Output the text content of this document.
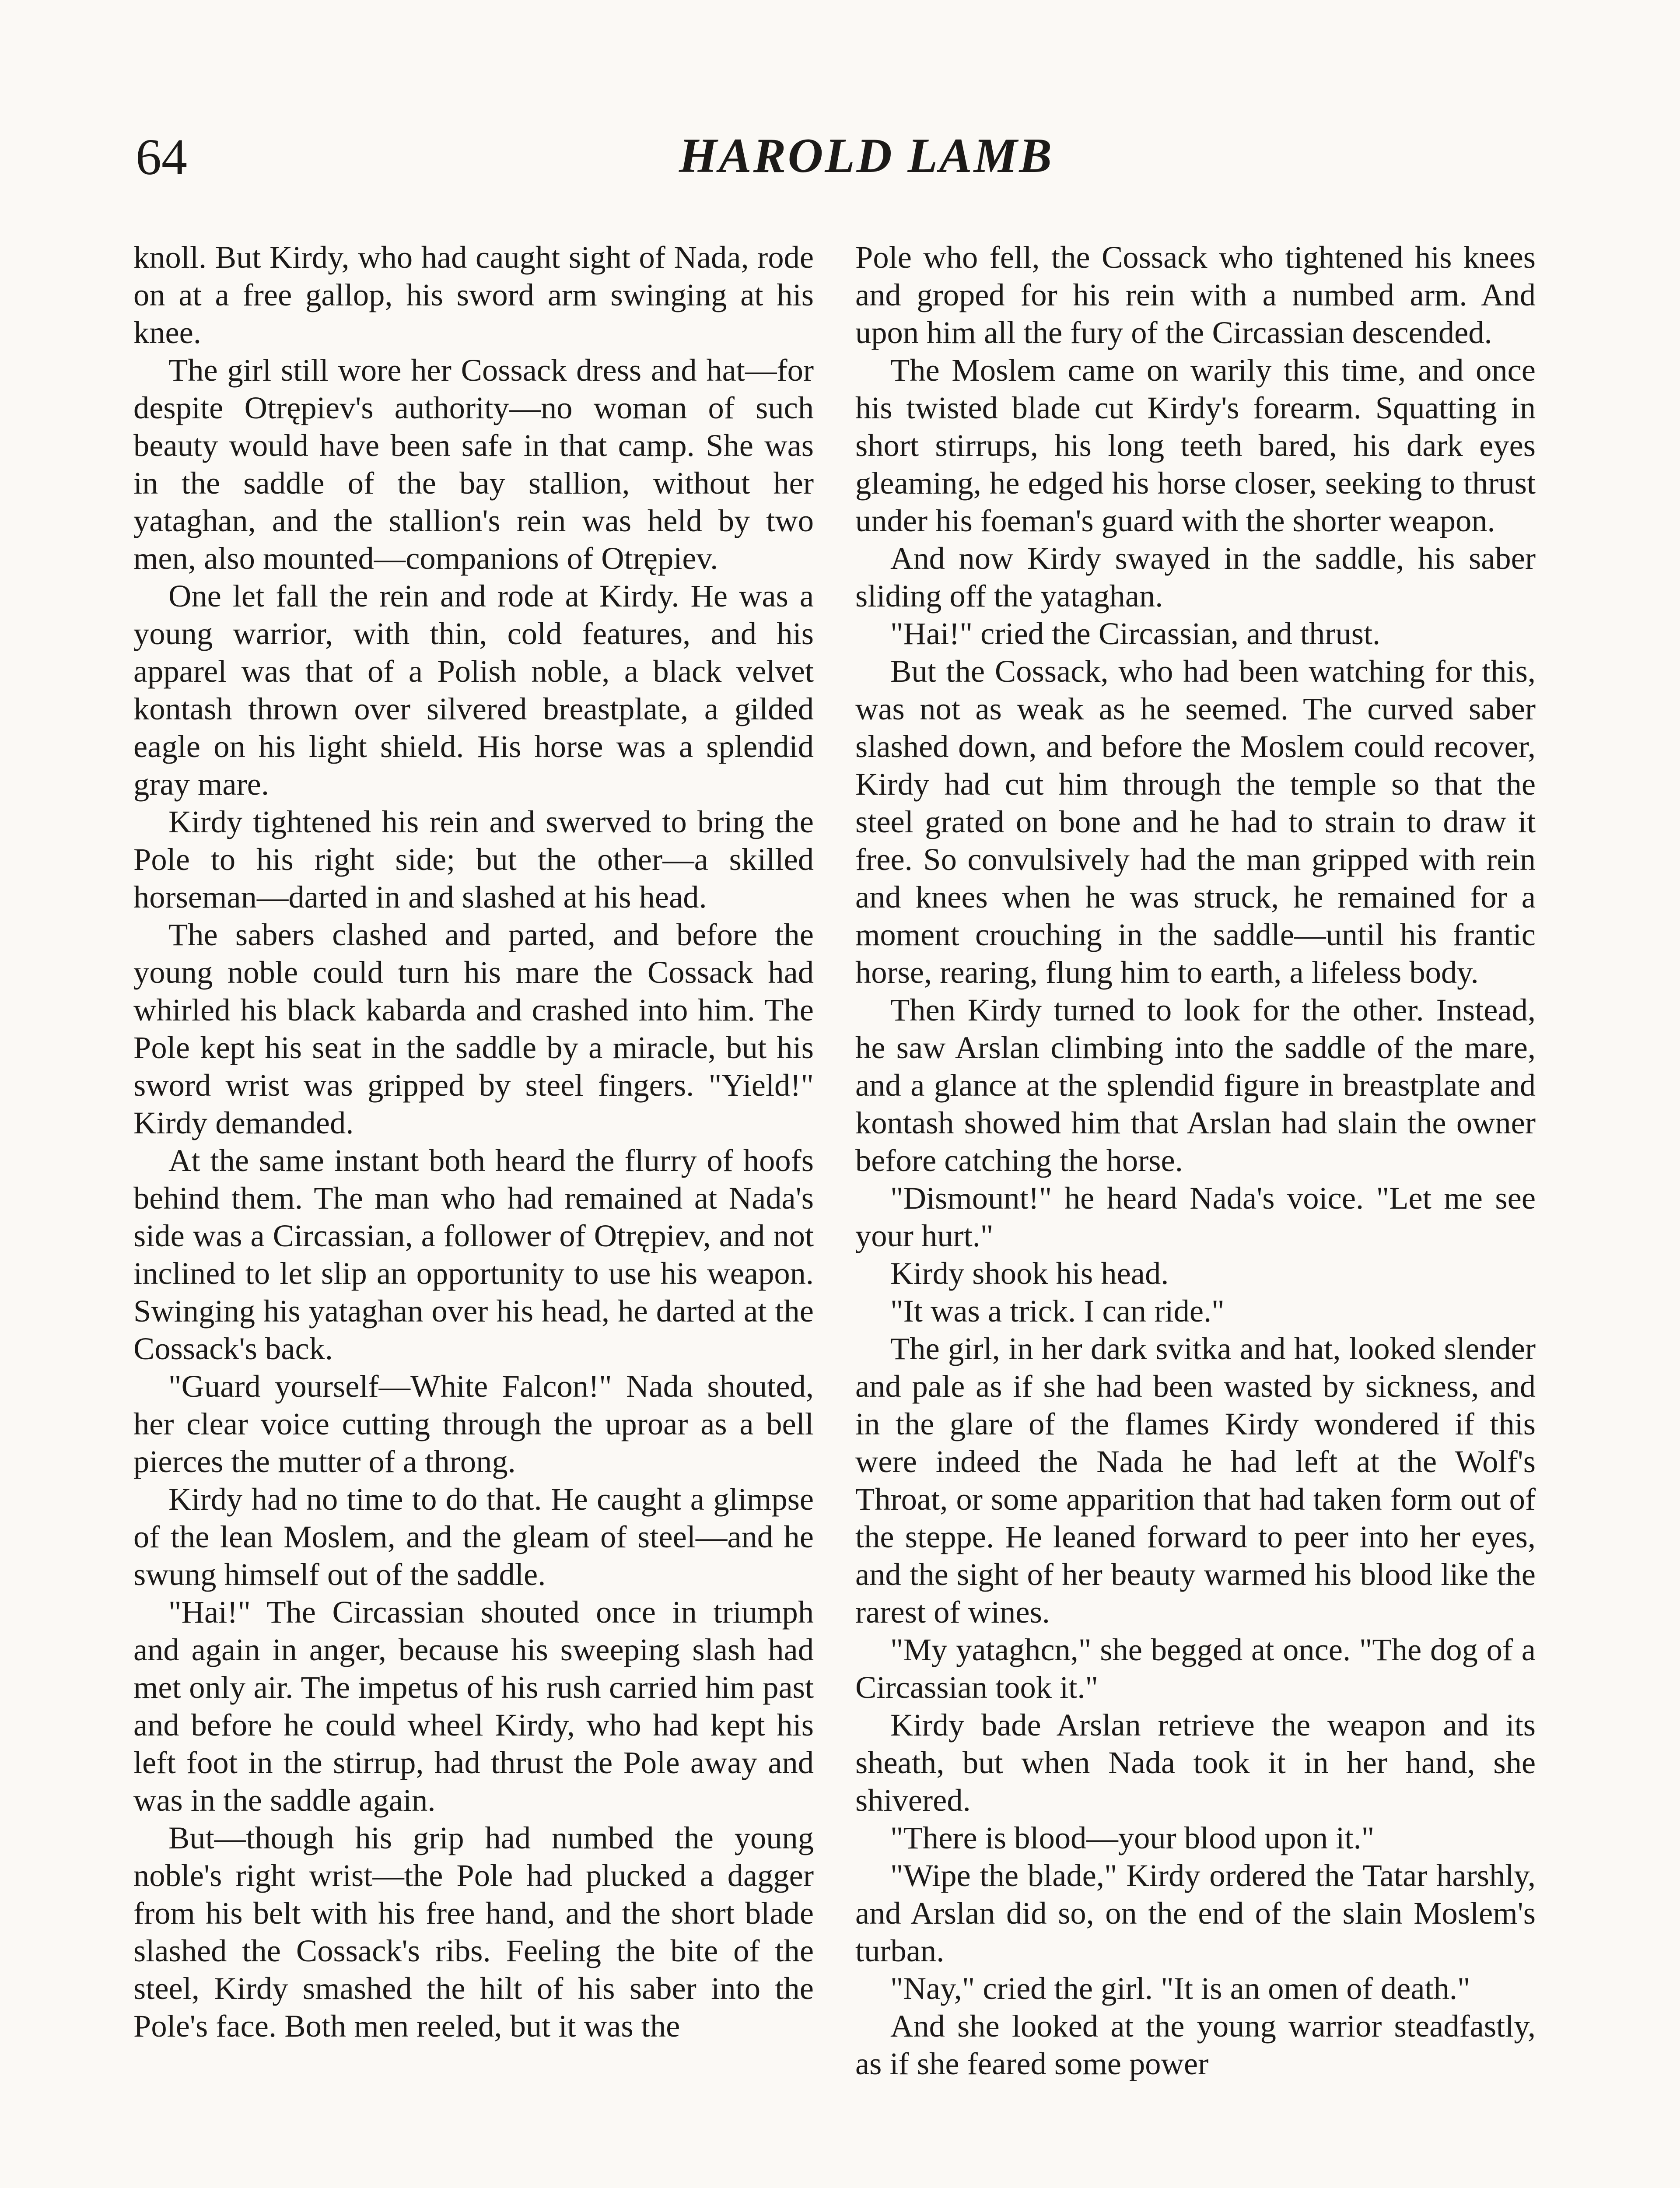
64	HAROLD LAMB

knoll. But Kirdy, who had caught sight of Nada, rode on at a free gallop, his sword arm swinging at his knee.

The girl still wore her Cossack dress and hat—for despite Otrępiev's authority—no woman of such beauty would have been safe in that camp. She was in the saddle of the bay stallion, without her yataghan, and the stallion's rein was held by two men, also mounted—companions of Otrępiev.

One let fall the rein and rode at Kirdy. He was a young warrior, with thin, cold features, and his apparel was that of a Polish noble, a black velvet kontash thrown over silvered breastplate, a gilded eagle on his light shield. His horse was a splendid gray mare.

Kirdy tightened his rein and swerved to bring the Pole to his right side; but the other—a skilled horseman—darted in and slashed at his head.

The sabers clashed and parted, and before the young noble could turn his mare the Cossack had whirled his black kabarda and crashed into him. The Pole kept his seat in the saddle by a miracle, but his sword wrist was gripped by steel fingers. "Yield!" Kirdy demanded.

At the same instant both heard the flurry of hoofs behind them. The man who had remained at Nada's side was a Circassian, a follower of Otrępiev, and not inclined to let slip an opportunity to use his weapon. Swinging his yataghan over his head, he darted at the Cossack's back.

"Guard yourself—White Falcon!" Nada shouted, her clear voice cutting through the uproar as a bell pierces the mutter of a throng.

Kirdy had no time to do that. He caught a glimpse of the lean Moslem, and the gleam of steel—and he swung himself out of the saddle.

"Hai!" The Circassian shouted once in triumph and again in anger, because his sweeping slash had met only air. The impetus of his rush carried him past and before he could wheel Kirdy, who had kept his left foot in the stirrup, had thrust the Pole away and was in the saddle again.

But—though his grip had numbed the young noble's right wrist—the Pole had plucked a dagger from his belt with his free hand, and the short blade slashed the Cossack's ribs. Feeling the bite of the steel, Kirdy smashed the hilt of his saber into the Pole's face. Both men reeled, but it was the

Pole who fell, the Cossack who tightened his knees and groped for his rein with a numbed arm. And upon him all the fury of the Circassian descended.

The Moslem came on warily this time, and once his twisted blade cut Kirdy's forearm. Squatting in short stirrups, his long teeth bared, his dark eyes gleaming, he edged his horse closer, seeking to thrust under his foeman's guard with the shorter weapon.

And now Kirdy swayed in the saddle, his saber sliding off the yataghan.

"Hai!" cried the Circassian, and thrust.

But the Cossack, who had been watching for this, was not as weak as he seemed. The curved saber slashed down, and before the Moslem could recover, Kirdy had cut him through the temple so that the steel grated on bone and he had to strain to draw it free. So convulsively had the man gripped with rein and knees when he was struck, he remained for a moment crouching in the saddle—until his frantic horse, rearing, flung him to earth, a lifeless body.

Then Kirdy turned to look for the other. Instead, he saw Arslan climbing into the saddle of the mare, and a glance at the splendid figure in breastplate and kontash showed him that Arslan had slain the owner before catching the horse.

"Dismount!" he heard Nada's voice. "Let me see your hurt."

Kirdy shook his head.

"It was a trick. I can ride."

The girl, in her dark svitka and hat, looked slender and pale as if she had been wasted by sickness, and in the glare of the flames Kirdy wondered if this were indeed the Nada he had left at the Wolf's Throat, or some apparition that had taken form out of the steppe. He leaned forward to peer into her eyes, and the sight of her beauty warmed his blood like the rarest of wines.

"My yataghcn," she begged at once. "The dog of a Circassian took it."

Kirdy bade Arslan retrieve the weapon and its sheath, but when Nada took it in her hand, she shivered.

"There is blood—your blood upon it."

"Wipe the blade," Kirdy ordered the Tatar harshly, and Arslan did so, on the end of the slain Moslem's turban.

"Nay," cried the girl. "It is an omen of death."

And she looked at the young warrior steadfastly, as if she feared some power
